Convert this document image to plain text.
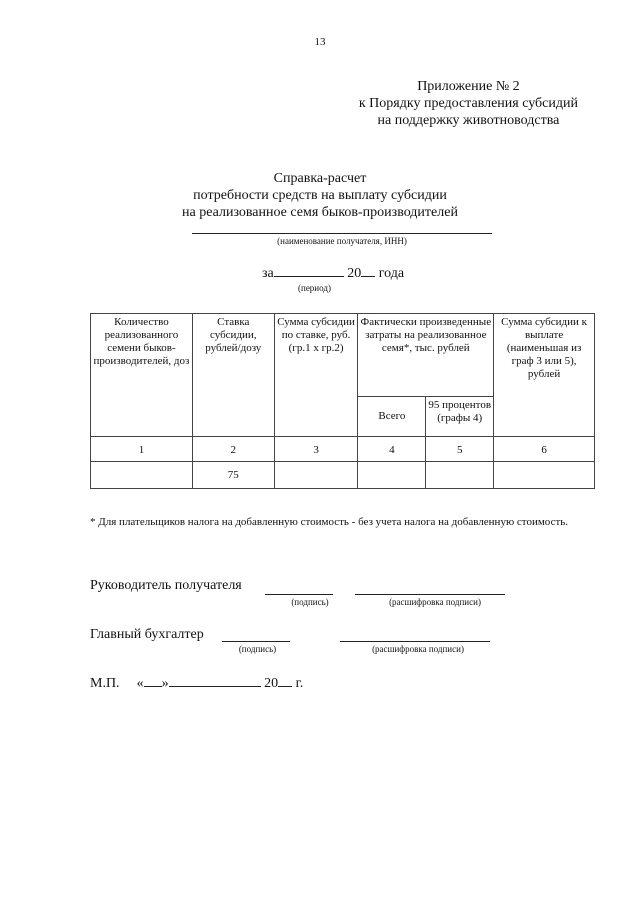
13
Приложение № 2
к Порядку предоставления субсидий
на поддержку животноводства
Справка-расчет
потребности средств на выплату субсидии
на реализованное семя быков-производителей
(наименование получателя, ИНН)
за	20 года
(период)
Количество реализованного семени быков-производителей, доз	Ставка субсидии, рублей/дозу	Сумма субсидии по ставке, руб. (гр.1 х гр.2)	Фактически произведенные затраты на реализованное семя*, тыс. рублей		Сумма субсидии к выплате (наименьшая из граф 3 или 5), рублей
			Всего	95 процентов (графы 4)	
1	2	3	4	5	6
	75				
* Для плательщиков налога на добавленную стоимость - без учета налога на добавленную стоимость.
Руководитель получателя
(подпись)	(расшифровка подписи)
Главный бухгалтер
(подпись)	(расшифровка подписи)
М.П. « »	20 г.
